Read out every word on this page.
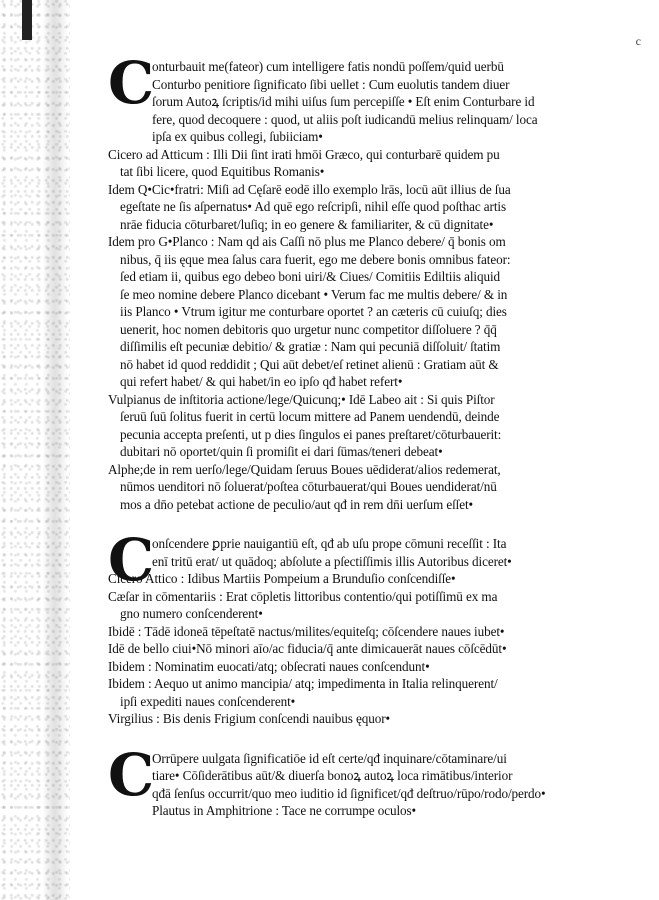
c
C
onturbauit me(fateor) cum intelligere fatis nondū poſſem/quid uerbū
Conturbo penitiore ſignificato ſibi uellet : Cum euolutis tandem diuer
ſorum Autoꝝ ſcriptis/id mihi uiſus ſum percepiſſe • Eſt enim Conturbare id
fere, quod decoquere : quod, ut aliis poſt iudicandū melius relinquam/ loca
ipſa ex quibus collegi, ſubiiciam•
Cicero ad Atticum : Illi Dii ſint irati hmōi Græco, qui conturbarē quidem pu
tat ſibi licere, quod Equitibus Romanis•
Idem Q•Cic•fratri: Miſi ad Cęſarē eodē illo exemplo lrās, locū aūt illius de ſua
egeſtate ne ſis aſpernatus• Ad quē ego reſcripſi, nihil eſſe quod poſthac artis
nrāe fiducia cōturbaret/luſiq; in eo genere & familiariter, & cū dignitate•
Idem pro G•Planco : Nam qd ais Caſſi nō plus me Planco debere/ q̄ bonis om
nibus, q̄ iis ęque mea ſalus cara fuerit, ego me debere bonis omnibus fateor:
ſed etiam ii, quibus ego debeo boni uiri/& Ciues/ Comitiis Ediltiis aliquid
ſe meo nomine debere Planco dicebant • Verum fac me multis debere/ & in
iis Planco • Vtrum igitur me conturbare oportet ? an cæteris cū cuiuſq; dies
uenerit, hoc nomen debitoris quo urgetur nunc competitor diſſoluere ? q̄q̄
diſſimilis eſt pecuniæ debitio/ & gratiæ : Nam qui pecuniā diſſoluit/ ſtatim
nō habet id quod reddidit ; Qui aūt debet/eſ retinet alienū : Gratiam aūt &
qui refert habet/ & qui habet/in eo ipſo qđ habet refert•
Vulpianus de inſtitoria actione/lege/Quicunq;• Idē Labeo ait : Si quis Piſtor
ſeruū ſuū ſolitus fuerit in certū locum mittere ad Panem uendendū, deinde
pecunia accepta preſenti, ut p dies ſingulos ei panes preſtaret/cōturbauerit:
dubitari nō oportet/quin ſi promiſit ei dari ſūmas/teneri debeat•
Alphe;de in rem uerſo/lege/Quidam ſeruus Boues uēdiderat/alios redemerat,
nūmos uenditori nō ſoluerat/poſtea cōturbauerat/qui Boues uendiderat/nū
mos a dn̄o petebat actione de peculio/aut qđ in rem dn̄i uerſum eſſet•
C
onſcendere ꝑprie nauigantiū eſt, qđ ab uſu prope cōmuni receſſit : Ita
enī tritū erat/ ut quādoq; abſolute a pſectiſſimis illis Autoribus diceret•
Cicero Attico : Idibus Martiis Pompeium a Brunduſio conſcendiſſe•
Cæſar in cōmentariis : Erat cōpletis littoribus contentio/qui potiſſimū ex ma
gno numero conſcenderent•
Ibidē : Tādē idoneā tēpeſtatē nactus/milites/equiteſq; cōſcendere naues iubet•
Idē de bello ciui•Nō minori aīo/ac fiducia/q̄ ante dimicauerāt naues cōſcēdūt•
Ibidem : Nominatim euocati/atq; obſecrati naues conſcendunt•
Ibidem : Aequo ut animo mancipia/ atq; impedimenta in Italia relinquerent/
ipſi expediti naues conſcenderent•
Virgilius : Bis denis Frigium conſcendi nauibus ęquor•
C
Orrūpere uulgata ſignificatiōe id eſt certe/qđ inquinare/cōtaminare/ui
tiare• Cōſiderātibus aūt/& diuerſa bonoꝝ autoꝝ loca rimātibus/interior
qđā ſenſus occurrit/quo meo iuditio id ſignificet/qđ deſtruo/rūpo/rodo/perdo•
Plautus in Amphitrione : Tace ne corrumpe oculos•
